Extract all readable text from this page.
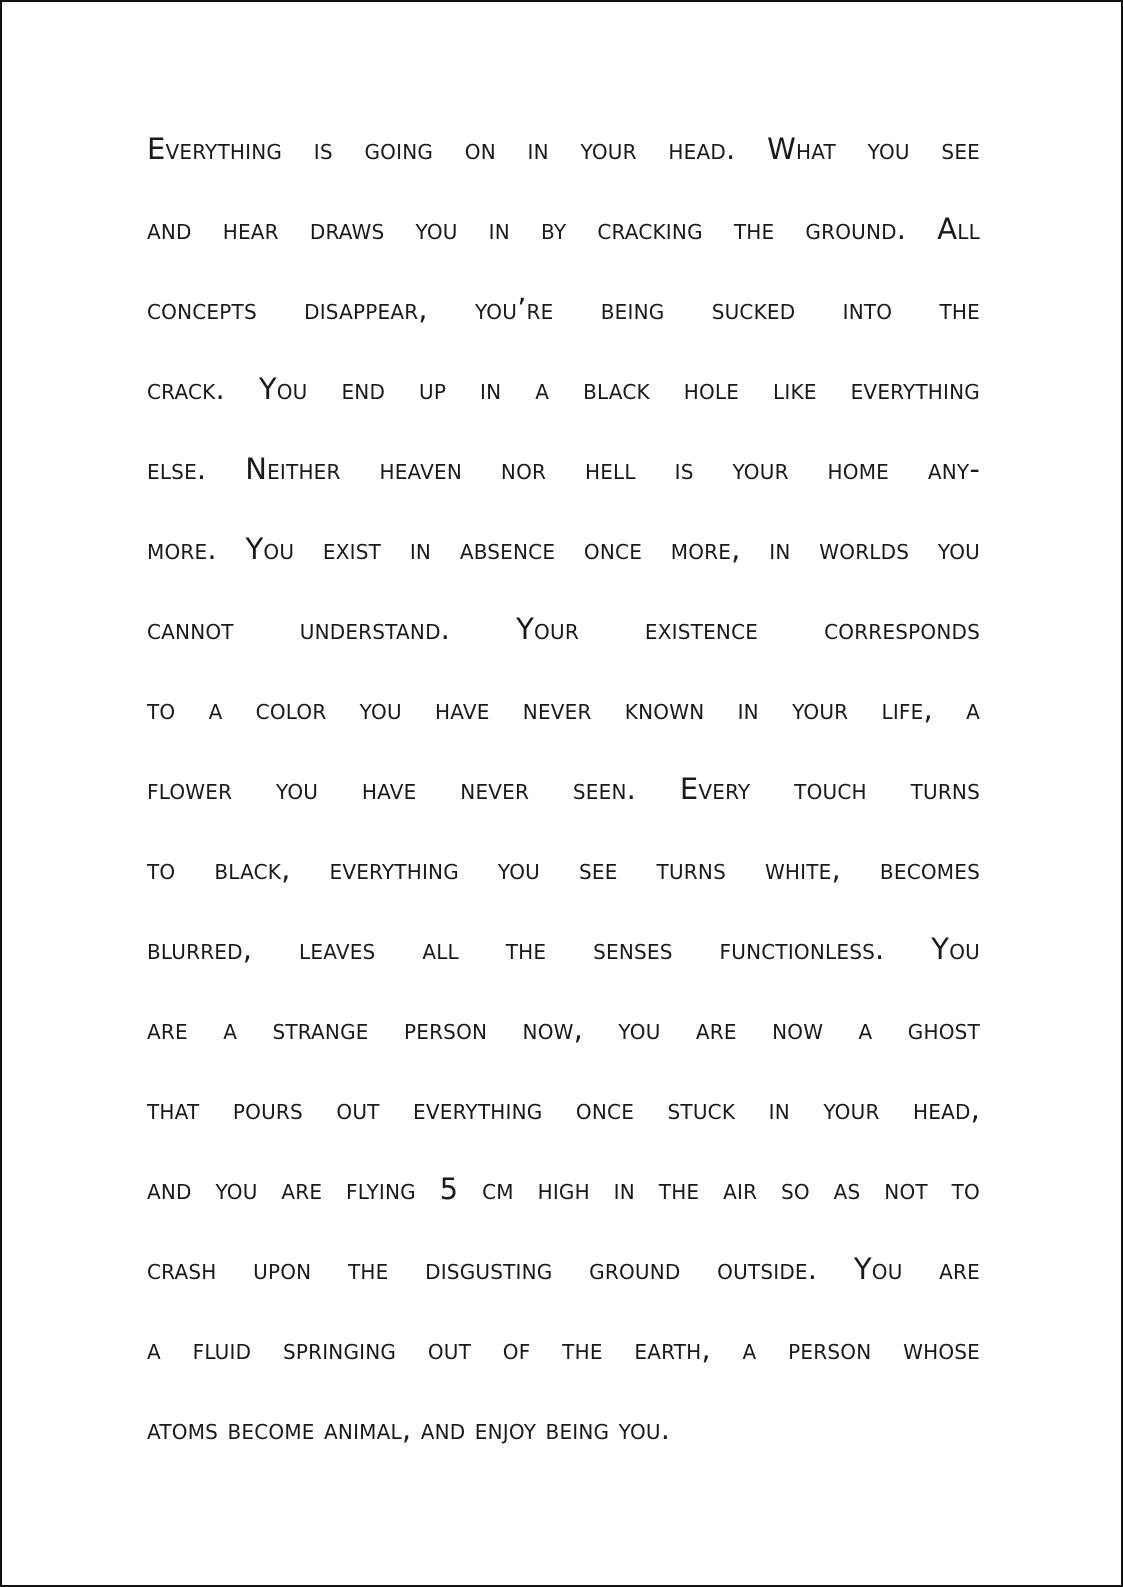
Everything is going on in your head. What you see
and hear draws you in by cracking the ground. All
concepts disappear, you’re being sucked into the
crack. You end up in a black hole like everything
else. Neither heaven nor hell is your home any-
more. You exist in absence once more, in worlds you
cannot understand. Your existence corresponds
to a color you have never known in your life, a
flower you have never seen. Every touch turns
to black, everything you see turns white, becomes
blurred, leaves all the senses functionless. You
are a strange person now, you are now a ghost
that pours out everything once stuck in your head,
and you are flying 5 cm high in the air so as not to
crash upon the disgusting ground outside. You are
a fluid springing out of the earth, a person whose
atoms become animal, and enjoy being you.
